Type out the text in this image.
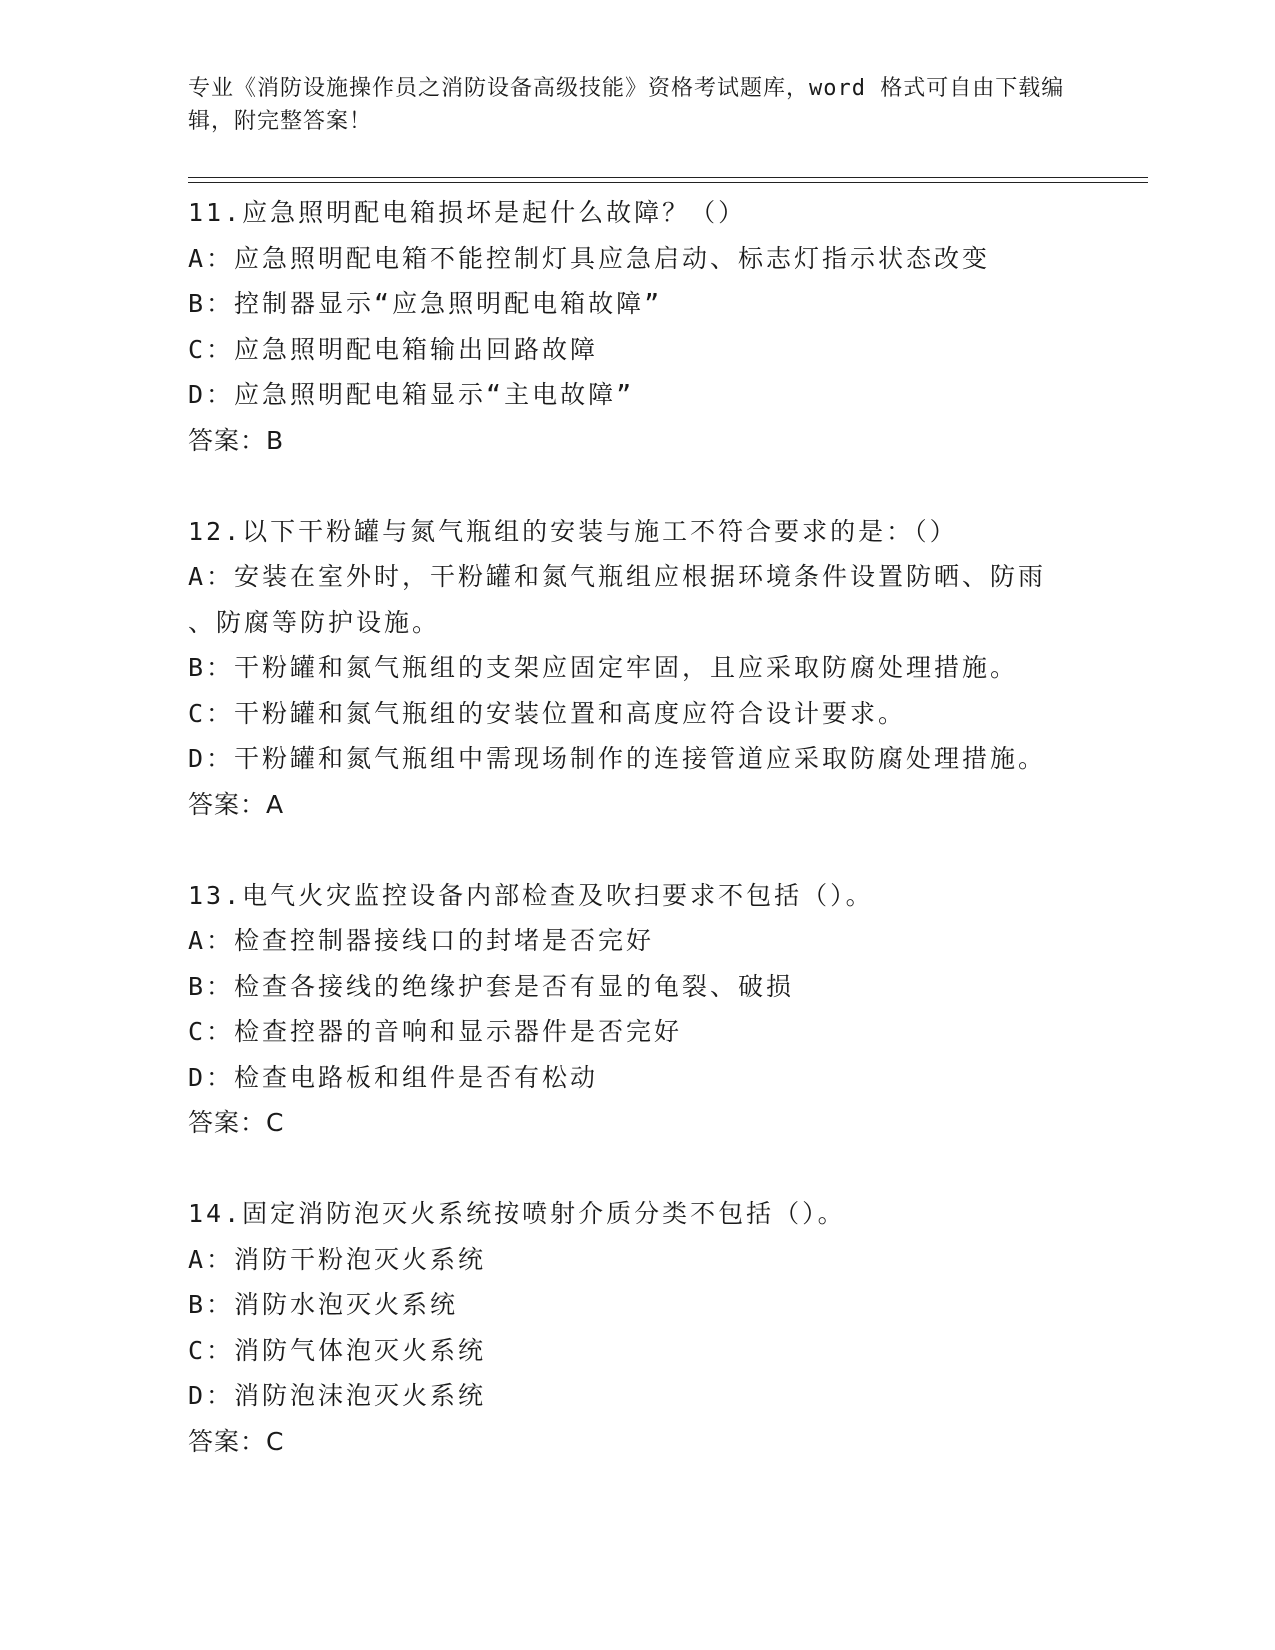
专业《消防设施操作员之消防设备高级技能》资格考试题库，word 格式可自由下载编辑，附完整答案！
11.应急照明配电箱损坏是起什么故障？（）
A：应急照明配电箱不能控制灯具应急启动、标志灯指示状态改变
B：控制器显示“应急照明配电箱故障”
C：应急照明配电箱输出回路故障
D：应急照明配电箱显示“主电故障”
答案：B
12.以下干粉罐与氮气瓶组的安装与施工不符合要求的是：（）
A：安装在室外时，干粉罐和氮气瓶组应根据环境条件设置防晒、防雨
、防腐等防护设施。
B：干粉罐和氮气瓶组的支架应固定牢固，且应采取防腐处理措施。
C：干粉罐和氮气瓶组的安装位置和高度应符合设计要求。
D：干粉罐和氮气瓶组中需现场制作的连接管道应采取防腐处理措施。
答案：A
13.电气火灾监控设备内部检查及吹扫要求不包括（）。
A：检查控制器接线口的封堵是否完好
B：检查各接线的绝缘护套是否有显的龟裂、破损
C：检查控器的音响和显示器件是否完好
D：检查电路板和组件是否有松动
答案：C
14.固定消防泡灭火系统按喷射介质分类不包括（）。
A：消防干粉泡灭火系统
B：消防水泡灭火系统
C：消防气体泡灭火系统
D：消防泡沫泡灭火系统
答案：C
